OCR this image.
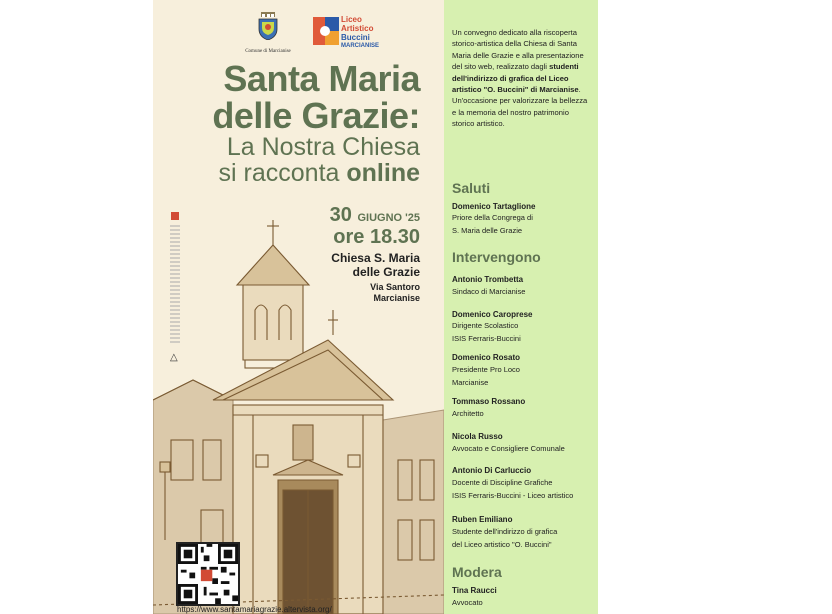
Comune di Marcianise
Liceo
Artistico
Buccini
MARCIANISE
Santa Maria
delle Grazie:
La Nostra Chiesa
si racconta online
30 $^{GIUGNO '25}$
ore 18.30
Chiesa S. Maria
delle Grazie
Via Santoro
Marcianise
△
https://www.santamariagrazie.altervista.org/
Un convegno dedicato alla riscoperta storico-artistica della Chiesa di Santa Maria delle Grazie e alla presentazione del sito web, realizzato dagli studenti dell'indirizzo di grafica del Liceo artistico "O. Buccini" di Marcianise. Un'occasione per valorizzare la bellezza e la memoria del nostro patrimonio storico artistico.
Saluti
Domenico Tartaglione
Priore della Congrega di
S. Maria delle Grazie
Intervengono
Antonio Trombetta
Sindaco di Marcianise
Domenico Caroprese
Dirigente Scolastico
ISIS Ferraris-Buccini
Domenico Rosato
Presidente Pro Loco
Marcianise
Tommaso Rossano
Architetto
Nicola Russo
Avvocato e Consigliere Comunale
Antonio Di Carluccio
Docente di Discipline Grafiche
ISIS Ferraris-Buccini - Liceo artistico
Ruben Emiliano
Studente dell'indirizzo di grafica
del Liceo artistico "O. Buccini"
Modera
Tina Raucci
Avvocato
